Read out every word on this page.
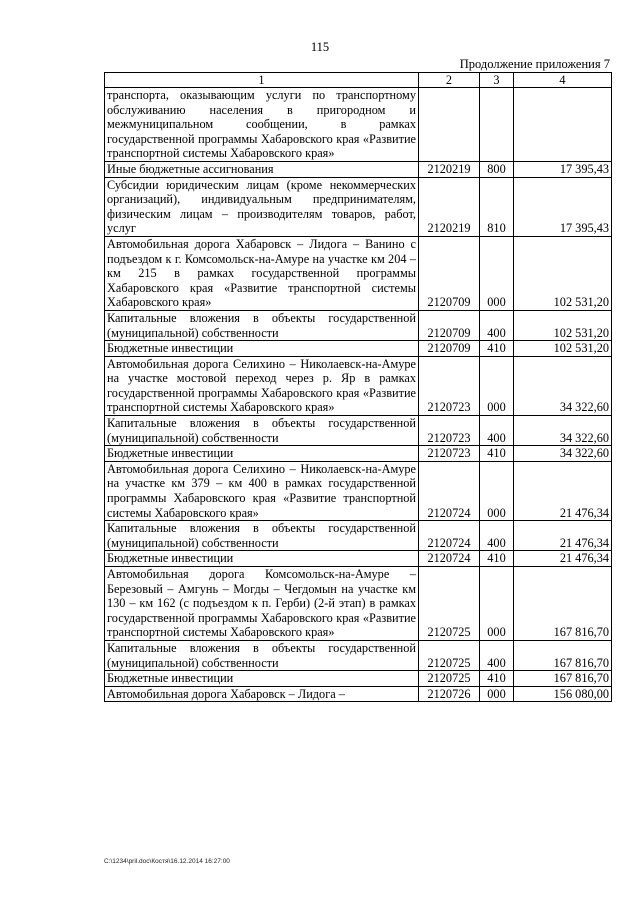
115
Продолжение приложения 7
1	2	3	4
транспорта, оказывающим услуги по транспортному обслуживанию населения в пригородном и межмуниципальном сообщении, в рамках государственной программы Хабаровского края «Развитие транспортной системы Хабаровского края»			
Иные бюджетные ассигнования	2120219	800	17 395,43
Субсидии юридическим лицам (кроме некоммерческих организаций), индивидуальным предпринимателям, физическим лицам – производителям товаров, работ, услуг	2120219	810	17 395,43
Автомобильная дорога Хабаровск – Лидога – Ванино с подъездом к г. Комсомольск-на-Амуре на участке км 204 – км 215 в рамках государственной программы Хабаровского края «Развитие транспортной системы Хабаровского края»	2120709	000	102 531,20
Капитальные вложения в объекты государственной (муниципальной) собственности	2120709	400	102 531,20
Бюджетные инвестиции	2120709	410	102 531,20
Автомобильная дорога Селихино – Николаевск-на-Амуре на участке мостовой переход через р. Яр в рамках государственной программы Хабаровского края «Развитие транспортной системы Хабаровского края»	2120723	000	34 322,60
Капитальные вложения в объекты государственной (муниципальной) собственности	2120723	400	34 322,60
Бюджетные инвестиции	2120723	410	34 322,60
Автомобильная дорога Селихино – Николаевск-на-Амуре на участке км 379 – км 400 в рамках государственной программы Хабаровского края «Развитие транспортной системы Хабаровского края»	2120724	000	21 476,34
Капитальные вложения в объекты государственной (муниципальной) собственности	2120724	400	21 476,34
Бюджетные инвестиции	2120724	410	21 476,34
Автомобильная дорога Комсомольск-на-Амуре – Березовый – Амгунь – Могды – Чегдомын на участке км 130 – км 162 (с подъездом к п. Герби) (2-й этап) в рамках государственной программы Хабаровского края «Развитие транспортной системы Хабаровского края»	2120725	000	167 816,70
Капитальные вложения в объекты государственной (муниципальной) собственности	2120725	400	167 816,70
Бюджетные инвестиции	2120725	410	167 816,70
Автомобильная дорога Хабаровск – Лидога –	2120726	000	156 080,00
C:\1234\pril.doc\Костя\16.12.2014 16:27:00
